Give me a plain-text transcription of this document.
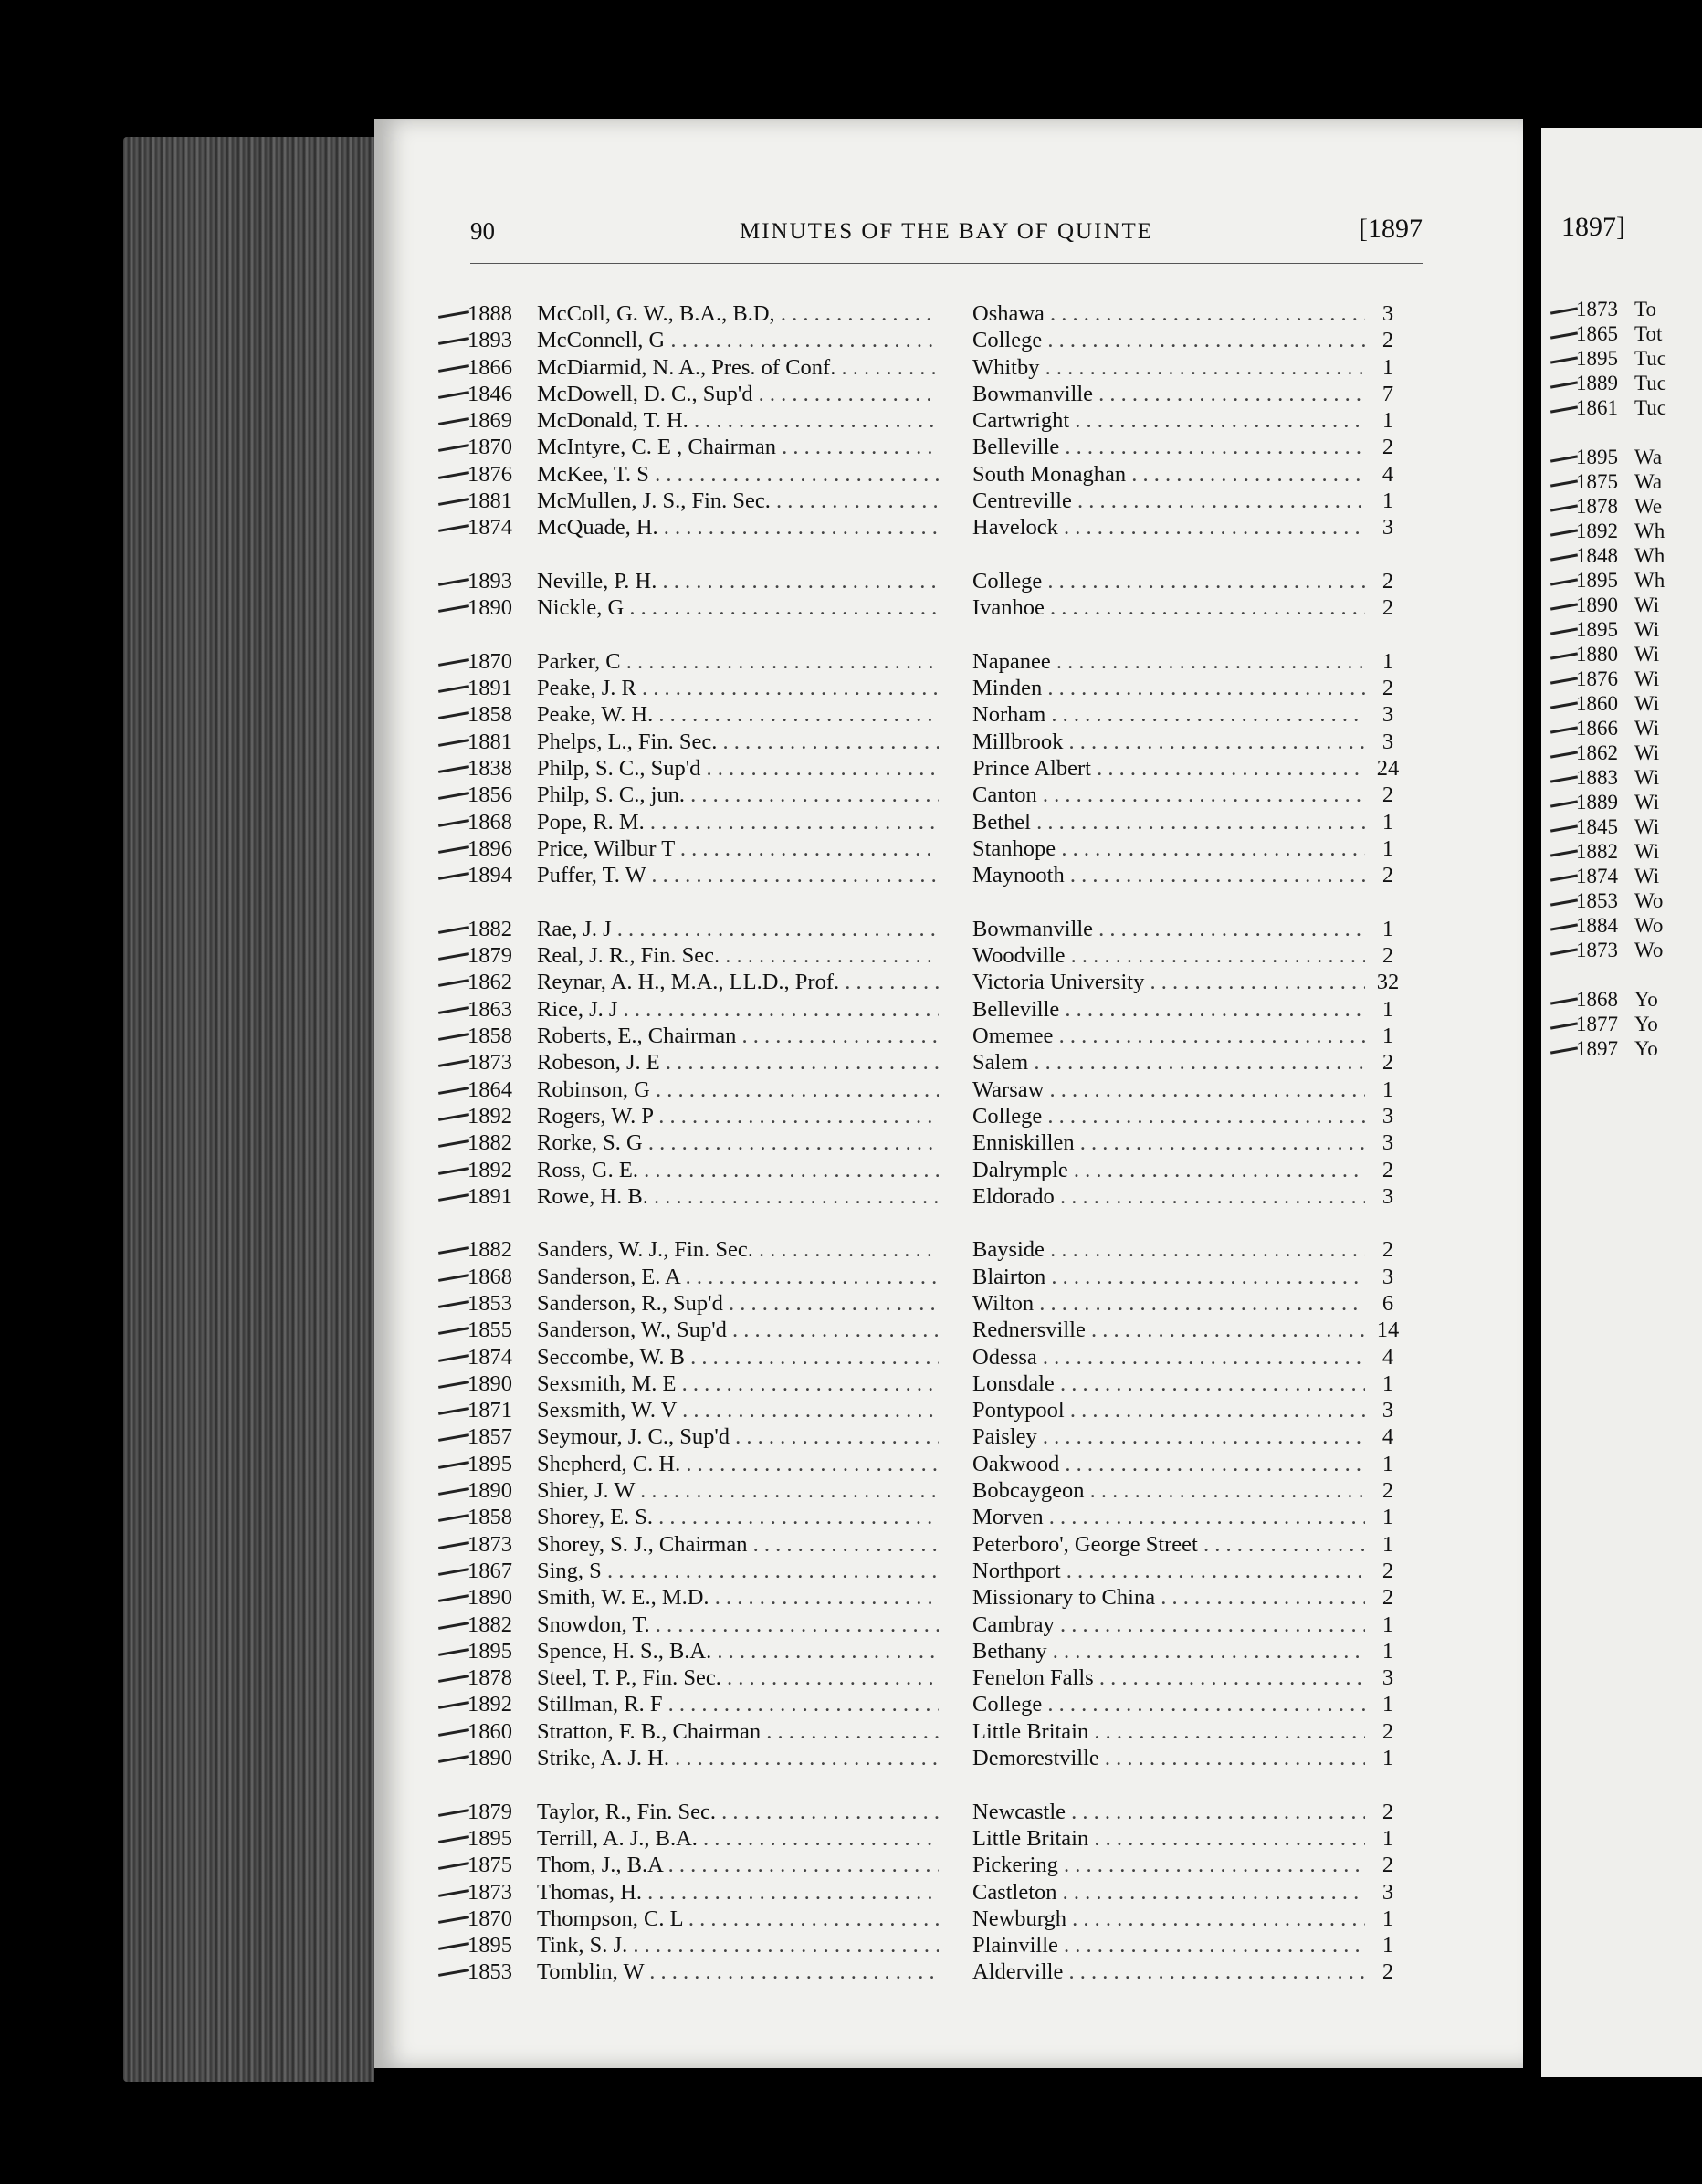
90	MINUTES OF THE BAY OF QUINTE	[1897
1888 McColl, G. W., B.A., B.D, . . .	Oshawa . . .	3
1893 McConnell, G . . .	College . . .	2
1866 McDiarmid, N. A., Pres. of Conf. . . .	Whitby . . .	1
1846 McDowell, D. C., Sup'd . . .	Bowmanville . . .	7
1869 McDonald, T. H. . . .	Cartwright . . .	1
1870 McIntyre, C. E , Chairman . . .	Belleville . . .	2
1876 McKee, T. S . . .	South Monaghan . . .	4
1881 McMullen, J. S., Fin. Sec. . . .	Centreville . . .	1
1874 McQuade, H. . . .	Havelock . . .	3
1893 Neville, P. H. . . .	College . . .	2
1890 Nickle, G . . .	Ivanhoe . . .	2
1870 Parker, C . . .	Napanee . . .	1
1891 Peake, J. R . . .	Minden . . .	2
1858 Peake, W. H. . . .	Norham . . .	3
1881 Phelps, L., Fin. Sec. . . .	Millbrook . . .	3
1838 Philp, S. C., Sup'd . . .	Prince Albert . . .	24
1856 Philp, S. C., jun. . . .	Canton . . .	2
1868 Pope, R. M. . . .	Bethel . . .	1
1896 Price, Wilbur T . . .	Stanhope . . .	1
1894 Puffer, T. W . . .	Maynooth . . .	2
1882 Rae, J. J . . .	Bowmanville . . .	1
1879 Real, J. R., Fin. Sec. . . .	Woodville . . .	2
1862 Reynar, A. H., M.A., LL.D., Prof. . . .	Victoria University . . .	32
1863 Rice, J. J . . .	Belleville . . .	1
1858 Roberts, E., Chairman . . .	Omemee . . .	1
1873 Robeson, J. E . . .	Salem . . .	2
1864 Robinson, G . . .	Warsaw . . .	1
1892 Rogers, W. P . . .	College . . .	3
1882 Rorke, S. G . . .	Enniskillen . . .	3
1892 Ross, G. E. . . .	Dalrymple . . .	2
1891 Rowe, H. B. . . .	Eldorado . . .	3
1882 Sanders, W. J., Fin. Sec. . . .	Bayside . . .	2
1868 Sanderson, E. A . . .	Blairton . . .	3
1853 Sanderson, R., Sup'd . . .	Wilton . . .	6
1855 Sanderson, W., Sup'd . . .	Rednersville . . .	14
1874 Seccombe, W. B . . .	Odessa . . .	4
1890 Sexsmith, M. E . . .	Lonsdale . . .	1
1871 Sexsmith, W. V . . .	Pontypool . . .	3
1857 Seymour, J. C., Sup'd . . .	Paisley . . .	4
1895 Shepherd, C. H. . . .	Oakwood . . .	1
1890 Shier, J. W . . .	Bobcaygeon . . .	2
1858 Shorey, E. S. . . .	Morven . . .	1
1873 Shorey, S. J., Chairman . . .	Peterboro', George Street . . .	1
1867 Sing, S . . .	Northport . . .	2
1890 Smith, W. E., M.D. . . .	Missionary to China . . .	2
1882 Snowdon, T. . . .	Cambray . . .	1
1895 Spence, H. S., B.A. . . .	Bethany . . .	1
1878 Steel, T. P., Fin. Sec. . . .	Fenelon Falls . . .	3
1892 Stillman, R. F . . .	College . . .	1
1860 Stratton, F. B., Chairman . . .	Little Britain . . .	2
1890 Strike, A. J. H. . . .	Demorestville . . .	1
1879 Taylor, R., Fin. Sec. . . .	Newcastle . . .	2
1895 Terrill, A. J., B.A. . . .	Little Britain . . .	1
1875 Thom, J., B.A . . .	Pickering . . .	2
1873 Thomas, H. . . .	Castleton . . .	3
1870 Thompson, C. L . . .	Newburgh . . .	1
1895 Tink, S. J. . . .	Plainville . . .	1
1853 Tomblin, W . . .	Alderville . . .	2
1897]
1873 To
1865 Tot
1895 Tuc
1889 Tuc
1861 Tuc
1895 Wa
1875 Wa
1878 We
1892 Wh
1848 Wh
1895 Wh
1890 Wi
1895 Wi
1880 Wi
1876 Wi
1860 Wi
1866 Wi
1862 Wi
1883 Wi
1889 Wi
1845 Wi
1882 Wi
1874 Wi
1853 Wo
1884 Wo
1873 Wo
1868 Yo
1877 Yo
1897 Yo
